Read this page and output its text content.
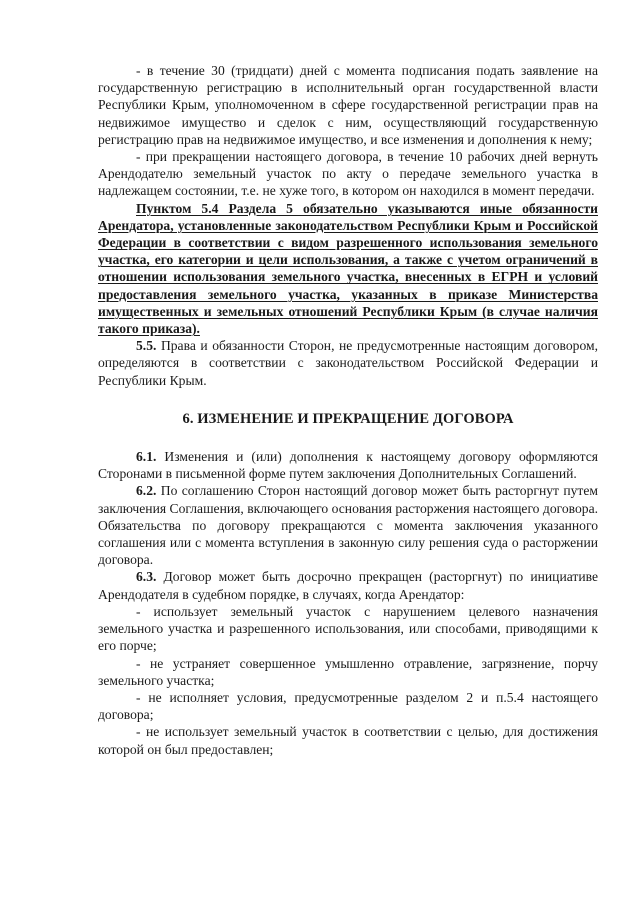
- в течение 30 (тридцати) дней с момента подписания подать заявление на государственную регистрацию в исполнительный орган государственной власти Республики Крым, уполномоченном в сфере государственной регистрации прав на недвижимое имущество и сделок с ним, осуществляющий государственную регистрацию прав на недвижимое имущество, и все изменения и дополнения к нему;

- при прекращении настоящего договора, в течение 10 рабочих дней вернуть Арендодателю земельный участок по акту о передаче земельного участка в надлежащем состоянии, т.е. не хуже того, в котором он находился в момент передачи.

Пунктом 5.4 Раздела 5 обязательно указываются иные обязанности Арендатора, установленные законодательством Республики Крым и Российской Федерации в соответствии с видом разрешенного использования земельного участка, его категории и цели использования, а также с учетом ограничений в отношении использования земельного участка, внесенных в ЕГРН и условий предоставления земельного участка, указанных в приказе Министерства имущественных и земельных отношений Республики Крым (в случае наличия такого приказа).

5.5. Права и обязанности Сторон, не предусмотренные настоящим договором, определяются в соответствии с законодательством Российской Федерации и Республики Крым.

6. ИЗМЕНЕНИЕ И ПРЕКРАЩЕНИЕ ДОГОВОРА

6.1. Изменения и (или) дополнения к настоящему договору оформляются Сторонами в письменной форме путем заключения Дополнительных Соглашений.

6.2. По соглашению Сторон настоящий договор может быть расторгнут путем заключения Соглашения, включающего основания расторжения настоящего договора. Обязательства по договору прекращаются с момента заключения указанного соглашения или с момента вступления в законную силу решения суда о расторжении договора.

6.3. Договор может быть досрочно прекращен (расторгнут) по инициативе Арендодателя в судебном порядке, в случаях, когда Арендатор:

- использует земельный участок с нарушением целевого назначения земельного участка и разрешенного использования, или способами, приводящими к его порче;

- не устраняет совершенное умышленно отравление, загрязнение, порчу земельного участка;

- не исполняет условия, предусмотренные разделом 2 и п.5.4 настоящего договора;

- не использует земельный участок в соответствии с целью, для достижения которой он был предоставлен;
